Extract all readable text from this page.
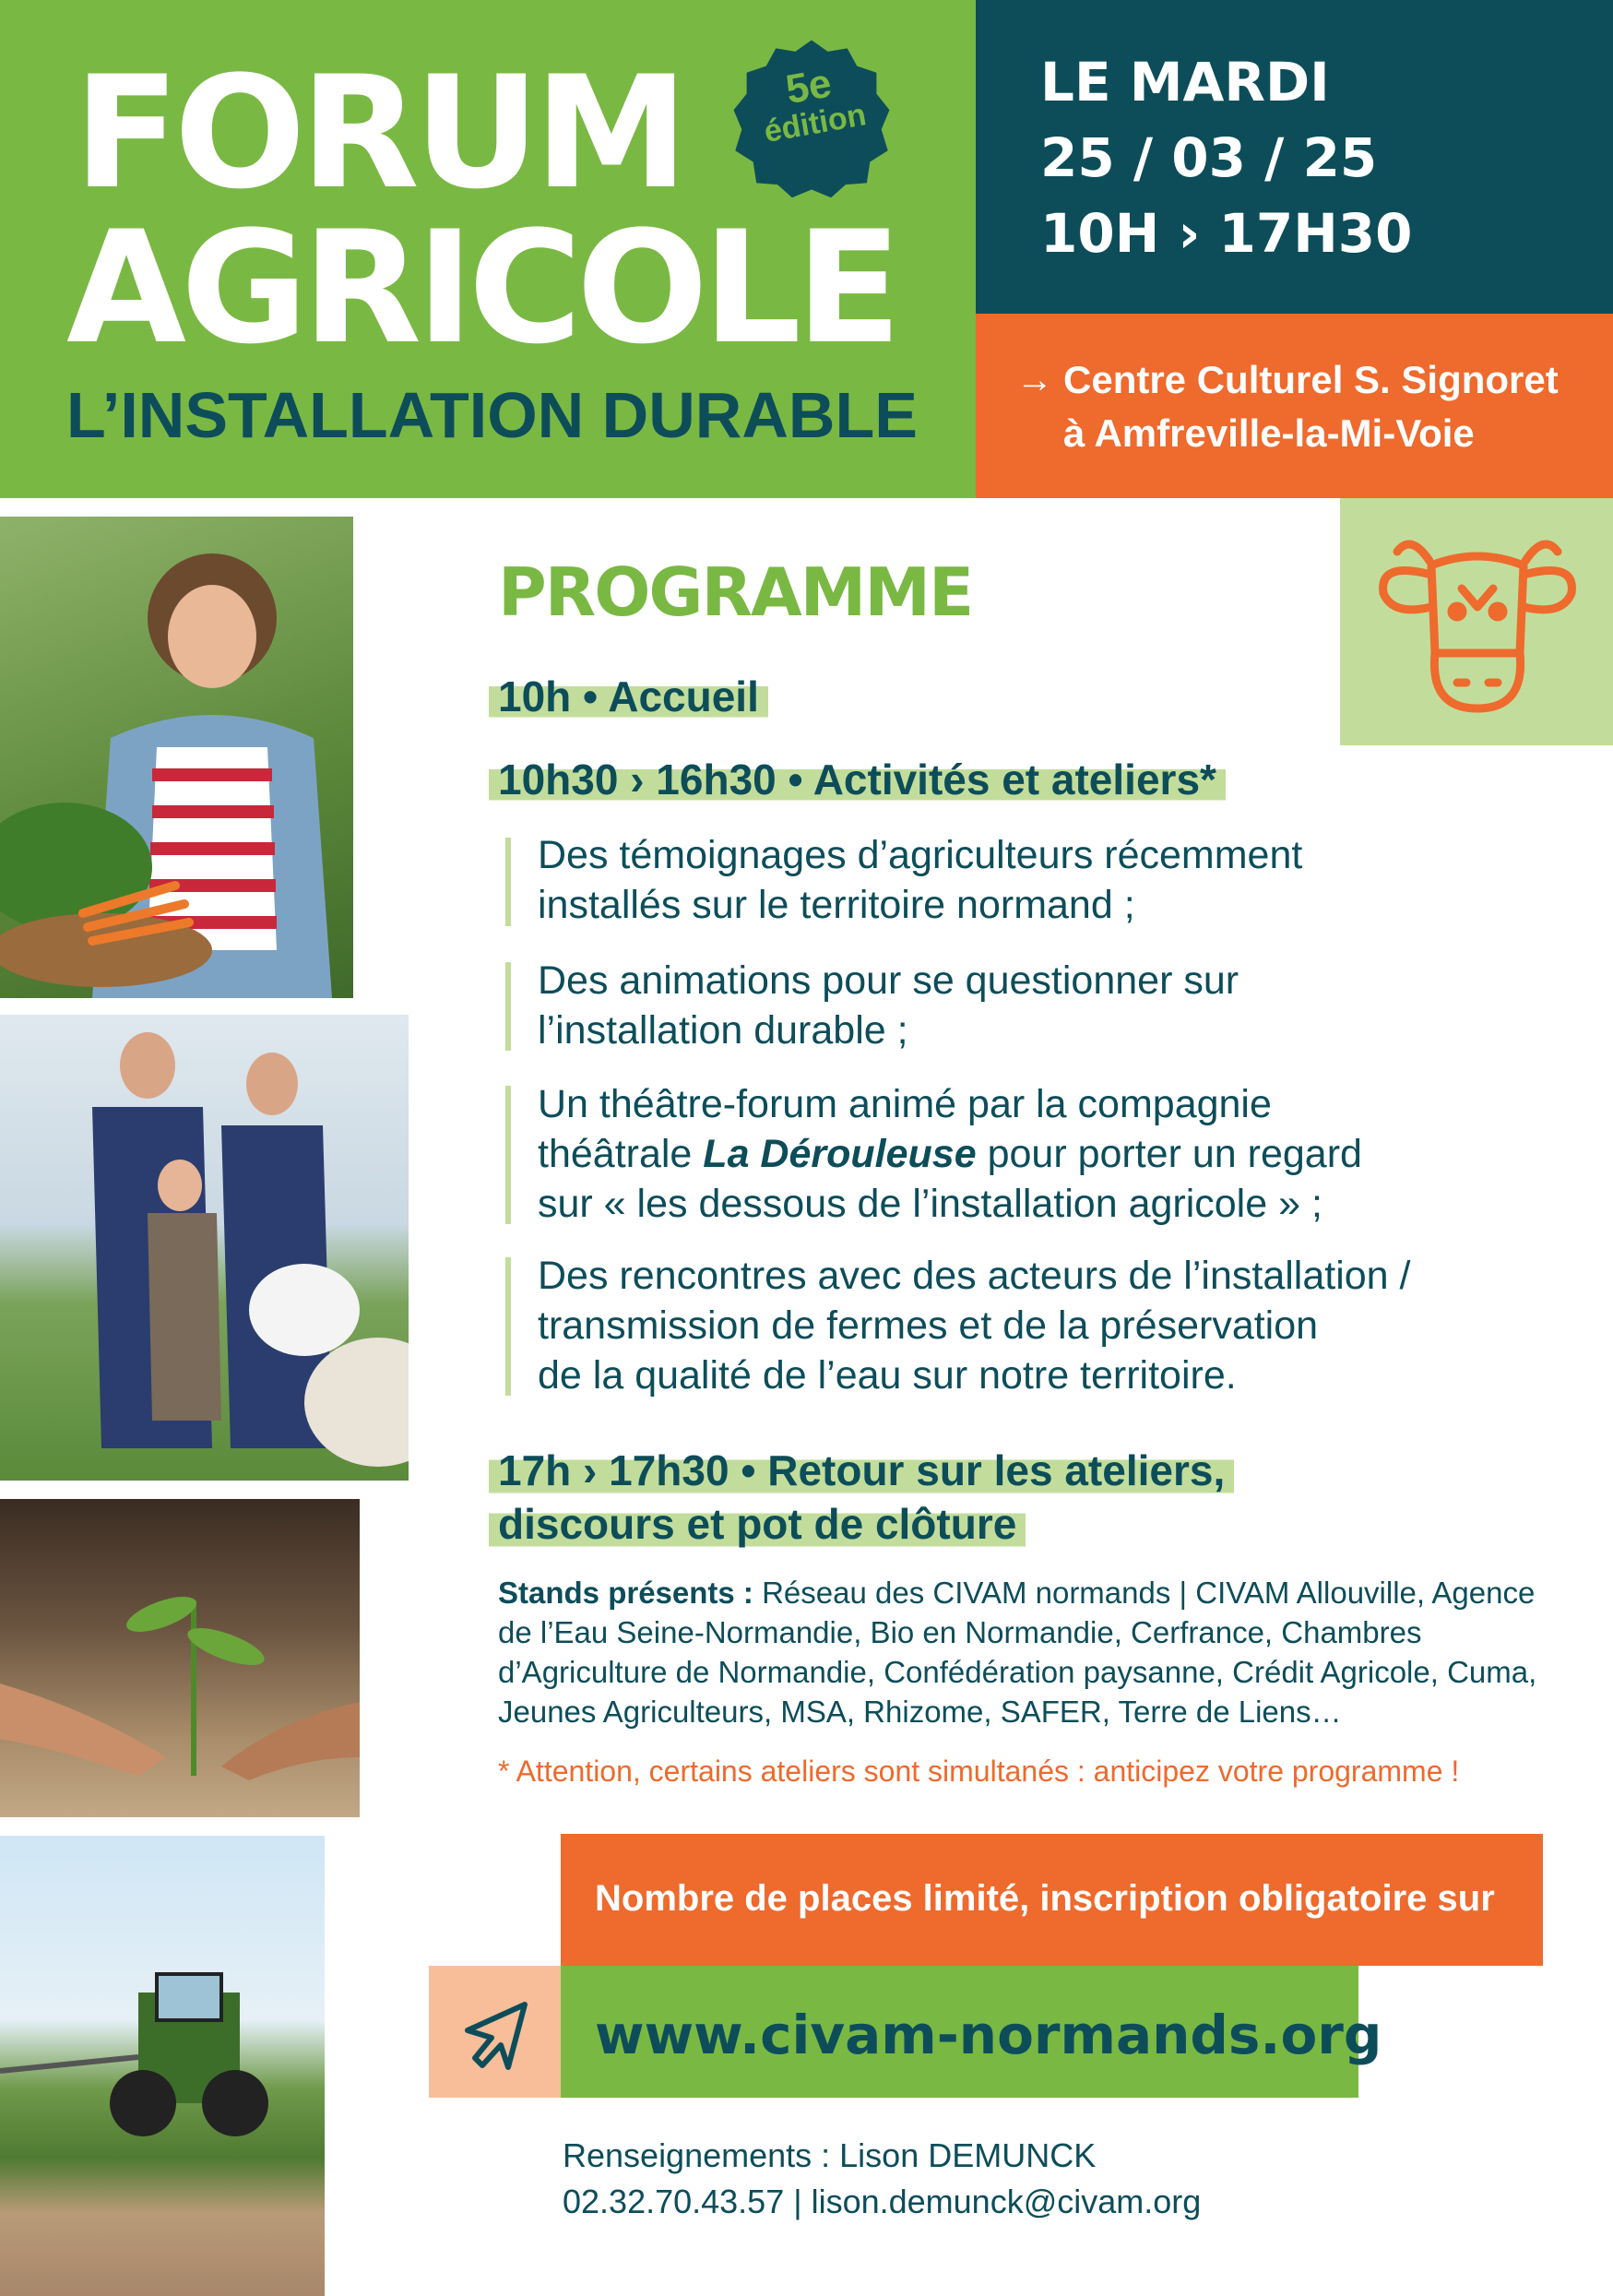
FORUM
AGRICOLE
L’INSTALLATION DURABLE
5e
édition
LE MARDI
25 / 03 / 25
10H › 17H30
→ Centre Culturel S. Signoret
à Amfreville-la-Mi-Voie
PROGRAMME
10h • Accueil
10h30 › 16h30 • Activités et ateliers*
Des témoignages d’agriculteurs récemment
installés sur le territoire normand ;
Des animations pour se questionner sur
l’installation durable ;
Un théâtre-forum animé par la compagnie
théâtrale La Dérouleuse pour porter un regard
sur « les dessous de l’installation agricole » ;
Des rencontres avec des acteurs de l’installation /
transmission de fermes et de la préservation
de la qualité de l’eau sur notre territoire.
17h › 17h30 • Retour sur les ateliers,
discours et pot de clôture
Stands présents : Réseau des CIVAM normands | CIVAM Allouville, Agence de l’Eau Seine-Normandie, Bio en Normandie, Cerfrance, Chambres d’Agriculture de Normandie, Confédération paysanne, Crédit Agricole, Cuma, Jeunes Agriculteurs, MSA, Rhizome, SAFER, Terre de Liens…
* Attention, certains ateliers sont simultanés : anticipez votre programme !
Nombre de places limité, inscription obligatoire sur
www.civam-normands.org
Renseignements : Lison DEMUNCK
02.32.70.43.57 | lison.demunck@civam.org
